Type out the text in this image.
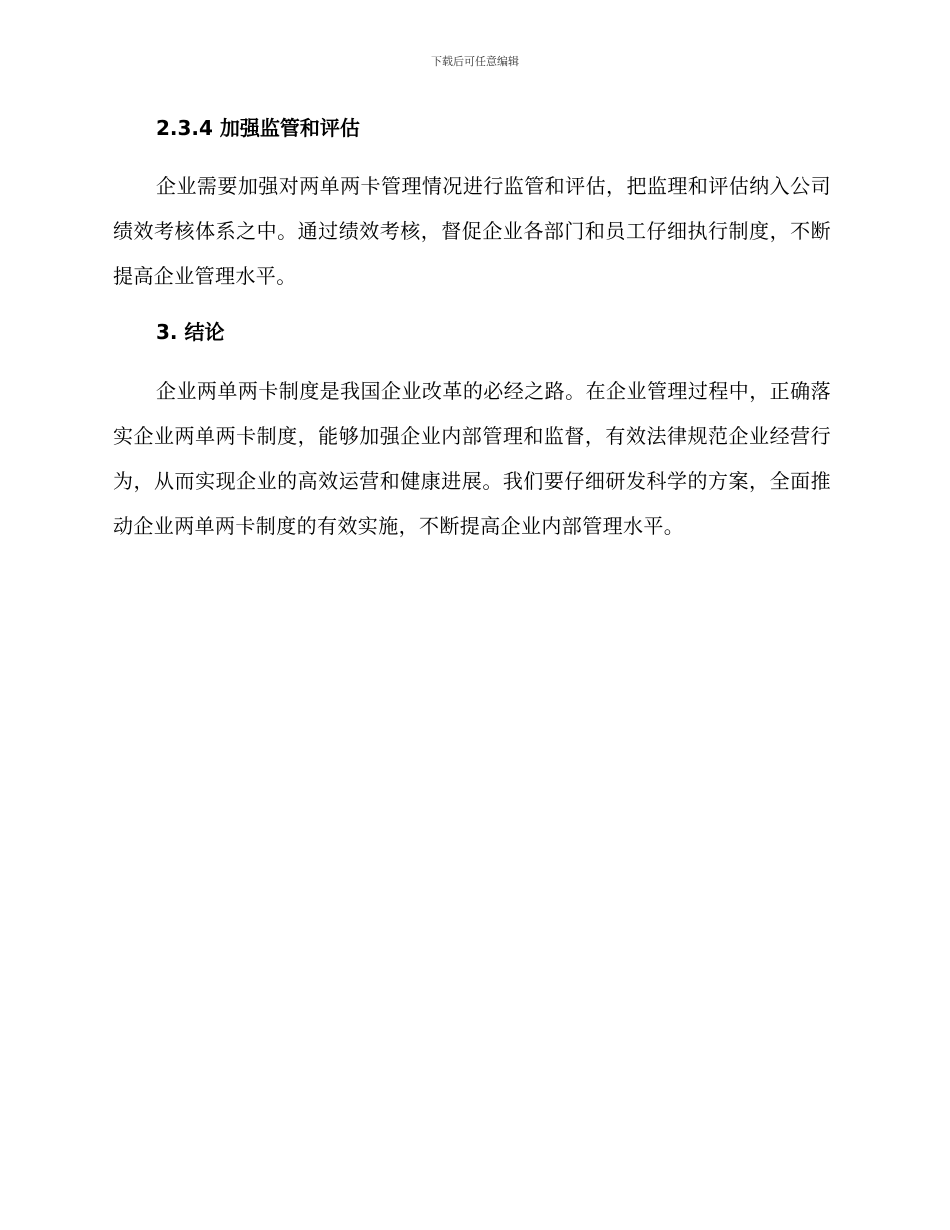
下载后可任意编辑
2.3.4 加强监管和评估

企业需要加强对两单两卡管理情况进行监管和评估，把监理和评估纳入公司绩效考核体系之中。通过绩效考核，督促企业各部门和员工仔细执行制度，不断提高企业管理水平。

3. 结论

企业两单两卡制度是我国企业改革的必经之路。在企业管理过程中，正确落实企业两单两卡制度，能够加强企业内部管理和监督，有效法律规范企业经营行为，从而实现企业的高效运营和健康进展。我们要仔细研发科学的方案，全面推动企业两单两卡制度的有效实施，不断提高企业内部管理水平。
